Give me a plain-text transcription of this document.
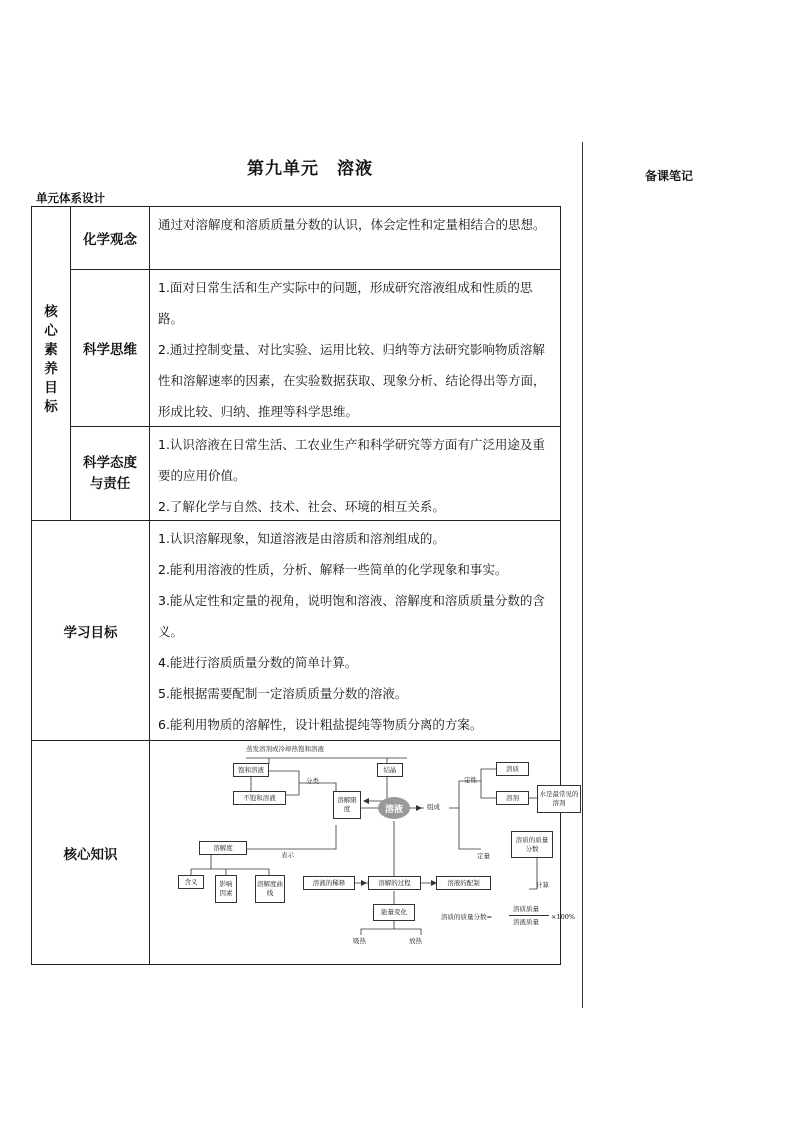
第九单元　溶液
单元体系设计
备课笔记
核
心
素
养
目
标
化学观念

通过对溶解度和溶质质量分数的认识，体会定性和定量相结合的思想。

科学思维

1.面对日常生活和生产实际中的问题，形成研究溶液组成和性质的思路。

2.通过控制变量、对比实验、运用比较、归纳等方法研究影响物质溶解性和溶解速率的因素，在实验数据获取、现象分析、结论得出等方面，形成比较、归纳、推理等科学思维。

科学态度
与责任

1.认识溶液在日常生活、工农业生产和科学研究等方面有广泛用途及重要的应用价值。

2.了解化学与自然、技术、社会、环境的相互关系。

学习目标

1.认识溶解现象，知道溶液是由溶质和溶剂组成的。

2.能利用溶液的性质，分析、解释一些简单的化学现象和事实。

3.能从定性和定量的视角，说明饱和溶液、溶解度和溶质质量分数的含义。

4.能进行溶质质量分数的简单计算。

5.能根据需要配制一定溶质质量分数的溶液。

6.能利用物质的溶解性，设计粗盐提纯等物质分离的方案。

核心知识
蒸发溶剂或冷却热饱和溶液
饱和溶液
不饱和溶液
分类
结晶
溶解限度	溶液	组成
定性
定量
溶质
溶剂	水是最常见的溶剂
溶质的质量分数
计算
溶解度
表示
含义	影响因素
溶解度曲线
溶液的稀释	溶解的过程	溶液的配制
能量变化
吸热	放热
溶质的质量分数=
溶质质量
溶液质量
×100%
